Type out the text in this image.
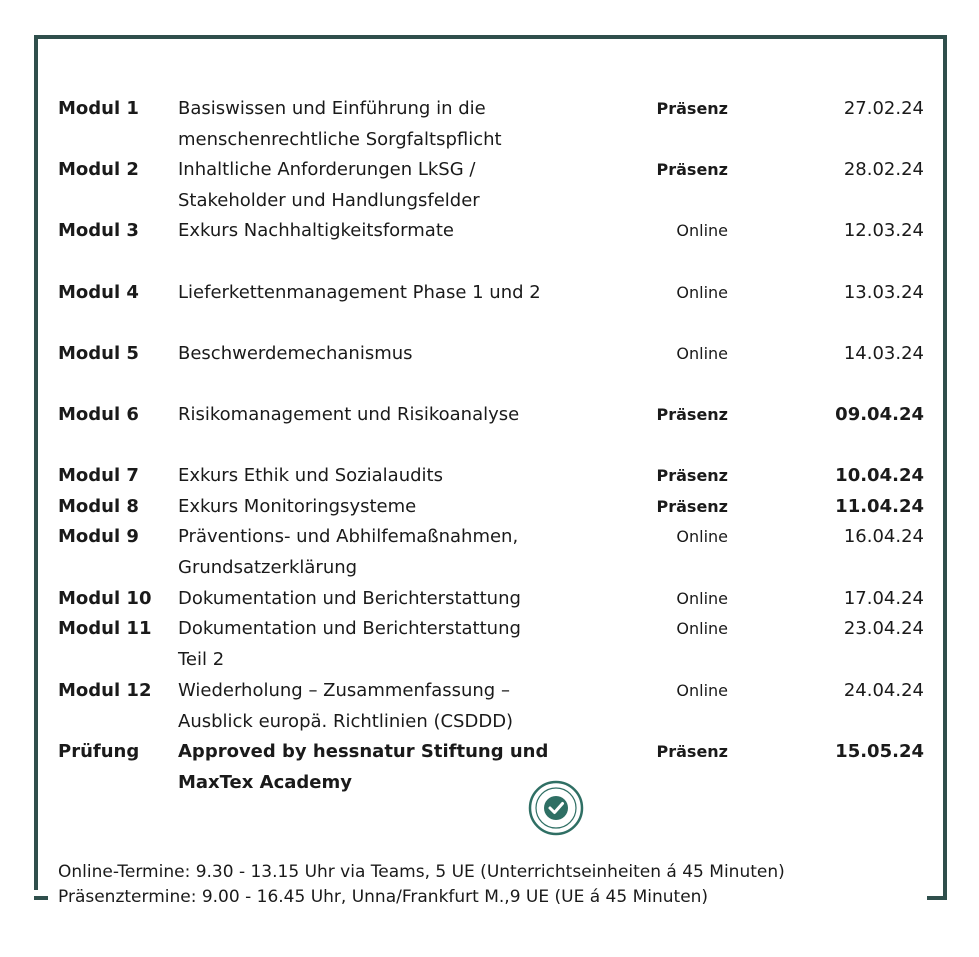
Modul 1 Basiswissen und Einführung in die
menschenrechtliche Sorgfaltspflicht
Präsenz	27.02.24
Modul 2 Inhaltliche Anforderungen LkSG /
Stakeholder und Handlungsfelder
Präsenz	28.02.24
Modul 3 Exkurs Nachhaltigkeitsformate	Online	12.03.24
Modul 4 Lieferkettenmanagement Phase 1 und 2	Online	13.03.24
Modul 5 Beschwerdemechanismus	Online	14.03.24
Modul 6 Risikomanagement und Risikoanalyse	Präsenz	09.04.24
Modul 7 Exkurs Ethik und Sozialaudits	Präsenz	10.04.24
Modul 8 Exkurs Monitoringsysteme	Präsenz	11.04.24
Modul 9 Präventions- und Abhilfemaßnahmen,
Grundsatzerklärung
Online	16.04.24
Modul 10 Dokumentation und Berichterstattung	Online	17.04.24
Modul 11 Dokumentation und Berichterstattung
Teil 2
Online	23.04.24
Modul 12 Wiederholung – Zusammenfassung –
Ausblick europä. Richtlinien (CSDDD)
Online	24.04.24
Prüfung Approved by hessnatur Stiftung und
MaxTex Academy
Präsenz	15.05.24
Online-Termine: 9.30 - 13.15 Uhr via Teams, 5 UE (Unterrichtseinheiten á 45 Minuten)
Präsenztermine: 9.00 - 16.45 Uhr, Unna/Frankfurt M.,9 UE (UE á 45 Minuten)
